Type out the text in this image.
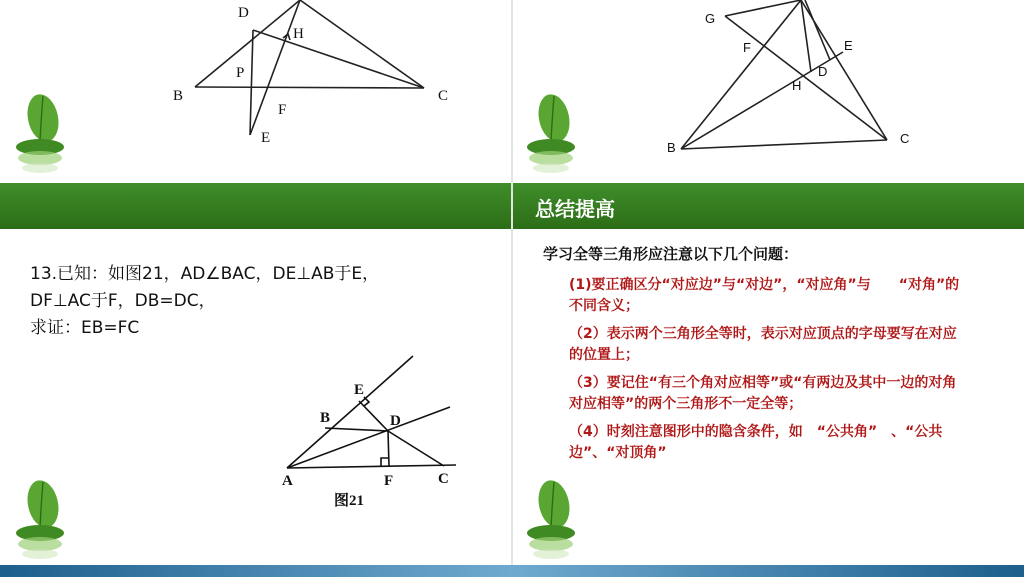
D
H
P
B	C
F
E
G
F	E
D
H
B
C
总结提高
13.已知：如图21，AD∠BAC，DE⊥AB于E，
DF⊥AC于F，DB=DC，
求证：EB=FC
E
B	D
A	F	C
图21
学习全等三角形应注意以下几个问题：
(1)要正确区分“对应边”与“对边”，“对应角”与　　“对角”的不同含义；
（2）表示两个三角形全等时，表示对应顶点的字母要写在对应的位置上；
（3）要记住“有三个角对应相等”或“有两边及其中一边的对角对应相等”的两个三角形不一定全等；
（4）时刻注意图形中的隐含条件，如　“公共角”　、“公共边”、“对顶角”
